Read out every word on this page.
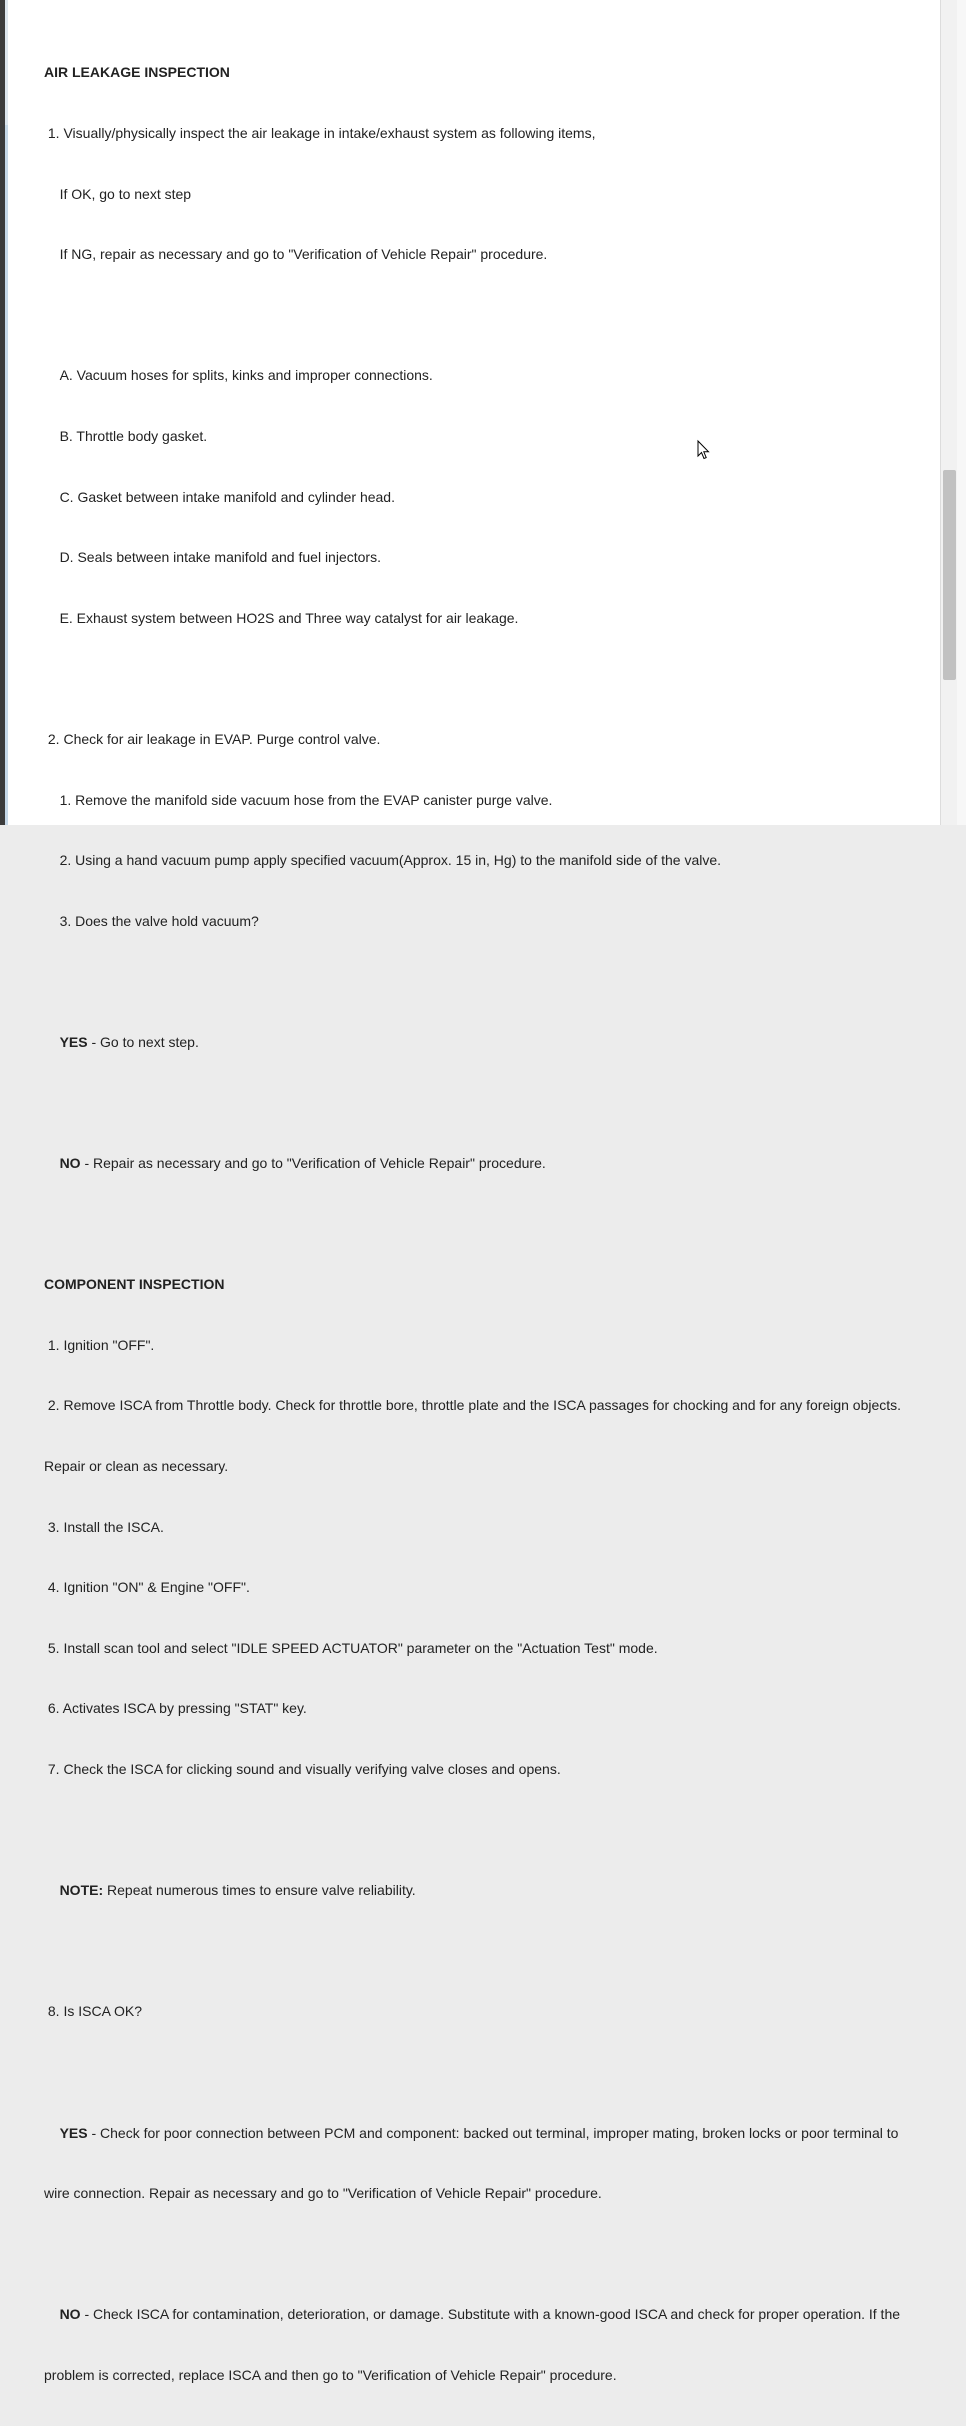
AIR LEAKAGE INSPECTION

1. Visually/physically inspect the air leakage in intake/exhaust system as following items,

If OK, go to next step

If NG, repair as necessary and go to "Verification of Vehicle Repair" procedure.

A. Vacuum hoses for splits, kinks and improper connections.

B. Throttle body gasket.

C. Gasket between intake manifold and cylinder head.

D. Seals between intake manifold and fuel injectors.

E. Exhaust system between HO2S and Three way catalyst for air leakage.

2. Check for air leakage in EVAP. Purge control valve.

1. Remove the manifold side vacuum hose from the EVAP canister purge valve.

2. Using a hand vacuum pump apply specified vacuum(Approx. 15 in, Hg) to the manifold side of the valve.

3. Does the valve hold vacuum?

YES - Go to next step.

NO - Repair as necessary and go to "Verification of Vehicle Repair" procedure.

COMPONENT INSPECTION

1. Ignition "OFF".

2. Remove ISCA from Throttle body. Check for throttle bore, throttle plate and the ISCA passages for chocking and for any foreign objects.

Repair or clean as necessary.

3. Install the ISCA.

4. Ignition "ON" & Engine "OFF".

5. Install scan tool and select "IDLE SPEED ACTUATOR" parameter on the "Actuation Test" mode.

6. Activates ISCA by pressing "STAT" key.

7. Check the ISCA for clicking sound and visually verifying valve closes and opens.

NOTE: Repeat numerous times to ensure valve reliability.

8. Is ISCA OK?

YES - Check for poor connection between PCM and component: backed out terminal, improper mating, broken locks or poor terminal to

wire connection. Repair as necessary and go to "Verification of Vehicle Repair" procedure.

NO - Check ISCA for contamination, deterioration, or damage. Substitute with a known-good ISCA and check for proper operation. If the

problem is corrected, replace ISCA and then go to "Verification of Vehicle Repair" procedure.
